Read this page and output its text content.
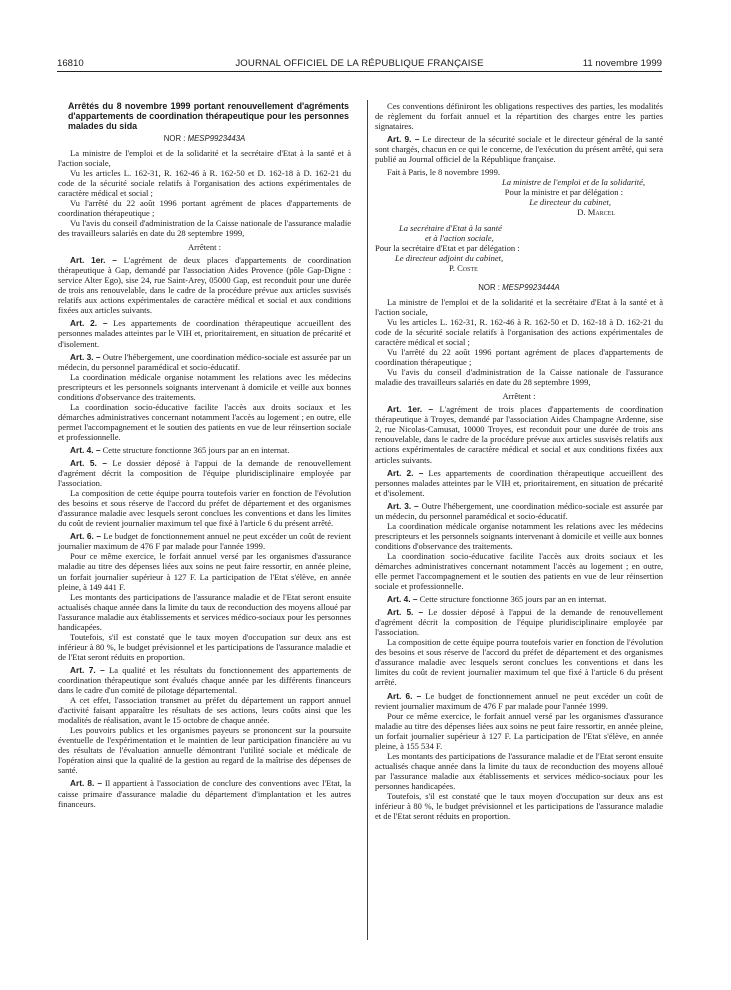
16810	JOURNAL OFFICIEL DE LA RÉPUBLIQUE FRANÇAISE	11 novembre 1999

Arrêtés du 8 novembre 1999 portant renouvellement d'agréments d'appartements de coordination thérapeutique pour les personnes malades du sida

NOR : MESP9923443A

La ministre de l'emploi et de la solidarité et la secrétaire d'Etat à la santé et à l'action sociale,

Vu les articles L. 162-31, R. 162-46 à R. 162-50 et D. 162-18 à D. 162-21 du code de la sécurité sociale relatifs à l'organisation des actions expérimentales de caractère médical et social ;

Vu l'arrêté du 22 août 1996 portant agrément de places d'appartements de coordination thérapeutique ;

Vu l'avis du conseil d'administration de la Caisse nationale de l'assurance maladie des travailleurs salariés en date du 28 septembre 1999,

Arrêtent :

Art. 1er. – L'agrément de deux places d'appartements de coordination thérapeutique à Gap, demandé par l'association Aides Provence (pôle Gap-Digne : service Alter Ego), sise 24, rue Saint-Arey, 05000 Gap, est reconduit pour une durée de trois ans renouvelable, dans le cadre de la procédure prévue aux articles susvisés relatifs aux actions expérimentales de caractère médical et social et aux conditions fixées aux articles suivants.

Art. 2. – Les appartements de coordination thérapeutique accueillent des personnes malades atteintes par le VIH et, prioritairement, en situation de précarité et d'isolement.

Art. 3. – Outre l'hébergement, une coordination médico-sociale est assurée par un médecin, du personnel paramédical et socio-éducatif.

La coordination médicale organise notamment les relations avec les médecins prescripteurs et les personnels soignants intervenant à domicile et veille aux bonnes conditions d'observance des traitements.

La coordination socio-éducative facilite l'accès aux droits sociaux et les démarches administratives concernant notamment l'accès au logement ; en outre, elle permet l'accompagnement et le soutien des patients en vue de leur réinsertion sociale et professionnelle.

Art. 4. – Cette structure fonctionne 365 jours par an en internat.

Art. 5. – Le dossier déposé à l'appui de la demande de renouvellement d'agrément décrit la composition de l'équipe pluridisciplinaire employée par l'association.

La composition de cette équipe pourra toutefois varier en fonction de l'évolution des besoins et sous réserve de l'accord du préfet de département et des organismes d'assurance maladie avec lesquels seront conclues les conventions et dans les limites du coût de revient journalier maximum tel que fixé à l'article 6 du présent arrêté.

Art. 6. – Le budget de fonctionnement annuel ne peut excéder un coût de revient journalier maximum de 476 F par malade pour l'année 1999.

Pour ce même exercice, le forfait annuel versé par les organismes d'assurance maladie au titre des dépenses liées aux soins ne peut faire ressortir, en année pleine, un forfait journalier supérieur à 127 F. La participation de l'Etat s'élève, en année pleine, à 149 441 F.

Les montants des participations de l'assurance maladie et de l'Etat seront ensuite actualisés chaque année dans la limite du taux de reconduction des moyens alloué par l'assurance maladie aux établissements et services médico-sociaux pour les personnes handicapées.

Toutefois, s'il est constaté que le taux moyen d'occupation sur deux ans est inférieur à 80 %, le budget prévisionnel et les participations de l'assurance maladie et de l'Etat seront réduits en proportion.

Art. 7. – La qualité et les résultats du fonctionnement des appartements de coordination thérapeutique sont évalués chaque année par les différents financeurs dans le cadre d'un comité de pilotage départemental.

A cet effet, l'association transmet au préfet du département un rapport annuel d'activité faisant apparaître les résultats de ses actions, leurs coûts ainsi que les modalités de réalisation, avant le 15 octobre de chaque année.

Les pouvoirs publics et les organismes payeurs se prononcent sur la poursuite éventuelle de l'expérimentation et le maintien de leur participation financière au vu des résultats de l'évaluation annuelle démontrant l'utilité sociale et médicale de l'opération ainsi que la qualité de la gestion au regard de la maîtrise des dépenses de santé.

Art. 8. – Il appartient à l'association de conclure des conventions avec l'Etat, la caisse primaire d'assurance maladie du département d'implantation et les autres financeurs.

Ces conventions définiront les obligations respectives des parties, les modalités de règlement du forfait annuel et la répartition des charges entre les parties signataires.

Art. 9. – Le directeur de la sécurité sociale et le directeur général de la santé sont chargés, chacun en ce qui le concerne, de l'exécution du présent arrêté, qui sera publié au Journal officiel de la République française.

Fait à Paris, le 8 novembre 1999.

La ministre de l'emploi et de la solidarité,

Pour la ministre et par délégation :

Le directeur du cabinet,

D. Marcel

La secrétaire d'Etat à la santé

et à l'action sociale,

Pour la secrétaire d'Etat et par délégation :

Le directeur adjoint du cabinet,

P. Coste

NOR : MESP9923444A

La ministre de l'emploi et de la solidarité et la secrétaire d'Etat à la santé et à l'action sociale,

Vu les articles L. 162-31, R. 162-46 à R. 162-50 et D. 162-18 à D. 162-21 du code de la sécurité sociale relatifs à l'organisation des actions expérimentales de caractère médical et social ;

Vu l'arrêté du 22 août 1996 portant agrément de places d'appartements de coordination thérapeutique ;

Vu l'avis du conseil d'administration de la Caisse nationale de l'assurance maladie des travailleurs salariés en date du 28 septembre 1999,

Arrêtent :

Art. 1er. – L'agrément de trois places d'appartements de coordination thérapeutique à Troyes, demandé par l'association Aides Champagne Ardenne, sise 2, rue Nicolas-Camusat, 10000 Troyes, est reconduit pour une durée de trois ans renouvelable, dans le cadre de la procédure prévue aux articles susvisés relatifs aux actions expérimentales de caractère médical et social et aux conditions fixées aux articles suivants.

Art. 2. – Les appartements de coordination thérapeutique accueillent des personnes malades atteintes par le VIH et, prioritairement, en situation de précarité et d'isolement.

Art. 3. – Outre l'hébergement, une coordination médico-sociale est assurée par un médecin, du personnel paramédical et socio-éducatif.

La coordination médicale organise notamment les relations avec les médecins prescripteurs et les personnels soignants intervenant à domicile et veille aux bonnes conditions d'observance des traitements.

La coordination socio-éducative facilite l'accès aux droits sociaux et les démarches administratives concernant notamment l'accès au logement ; en outre, elle permet l'accompagnement et le soutien des patients en vue de leur réinsertion sociale et professionnelle.

Art. 4. – Cette structure fonctionne 365 jours par an en internat.

Art. 5. – Le dossier déposé à l'appui de la demande de renouvellement d'agrément décrit la composition de l'équipe pluridisciplinaire employée par l'association.

La composition de cette équipe pourra toutefois varier en fonction de l'évolution des besoins et sous réserve de l'accord du préfet de département et des organismes d'assurance maladie avec lesquels seront conclues les conventions et dans les limites du coût de revient journalier maximum tel que fixé à l'article 6 du présent arrêté.

Art. 6. – Le budget de fonctionnement annuel ne peut excéder un coût de revient journalier maximum de 476 F par malade pour l'année 1999.

Pour ce même exercice, le forfait annuel versé par les organismes d'assurance maladie au titre des dépenses liées aux soins ne peut faire ressortir, en année pleine, un forfait journalier supérieur à 127 F. La participation de l'Etat s'élève, en année pleine, à 155 534 F.

Les montants des participations de l'assurance maladie et de l'Etat seront ensuite actualisés chaque année dans la limite du taux de reconduction des moyens alloué par l'assurance maladie aux établissements et services médico-sociaux pour les personnes handicapées.

Toutefois, s'il est constaté que le taux moyen d'occupation sur deux ans est inférieur à 80 %, le budget prévisionnel et les participations de l'assurance maladie et de l'Etat seront réduits en proportion.
